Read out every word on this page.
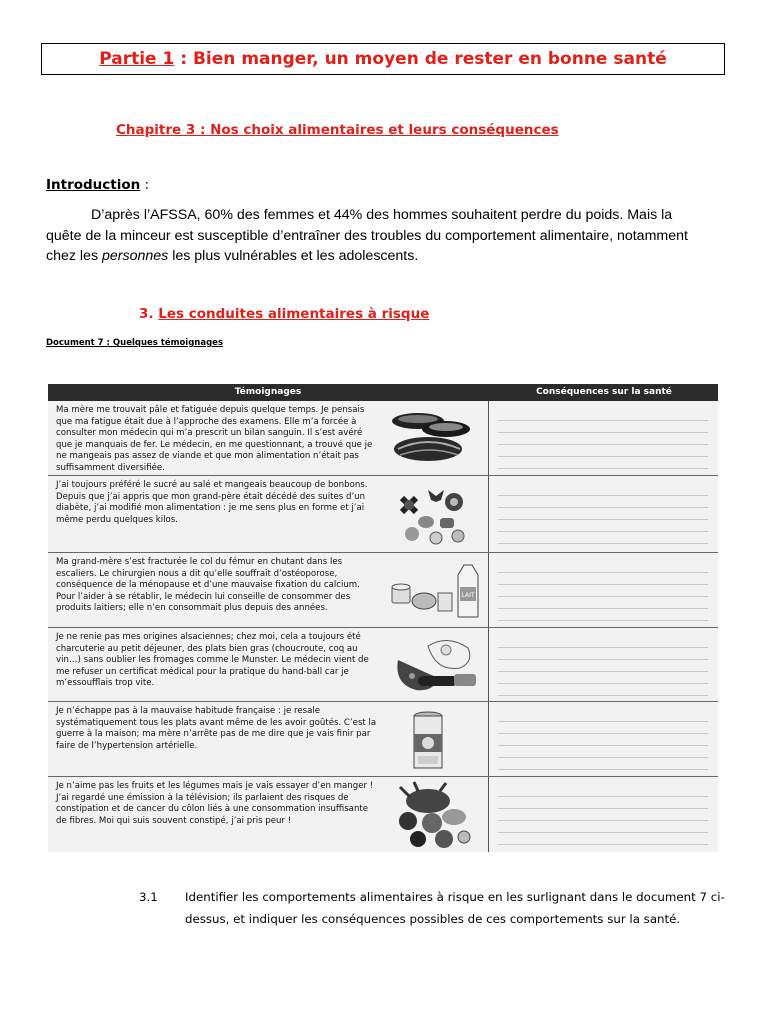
Partie 1 : Bien manger, un moyen de rester en bonne santé
Chapitre 3 : Nos choix alimentaires et leurs conséquences
Introduction :
D’après l’AFSSA, 60% des femmes et 44% des hommes souhaitent perdre du poids. Mais la quête de la minceur est susceptible d’entraîner des troubles du comportement alimentaire, notamment chez les personnes les plus vulnérables et les adolescents.
3. Les conduites alimentaires à risque
Document 7 : Quelques témoignages
Témoignages	Conséquences sur la santé
Ma mère me trouvait pâle et fatiguée depuis quelque temps. Je pensais que ma fatigue était due à l’approche des examens. Elle m’a forcée à consulter mon médecin qui m’a prescrit un bilan sanguin. Il s’est avéré que je manquais de fer. Le médecin, en me questionnant, a trouvé que je ne mangeais pas assez de viande et que mon alimentation n’était pas suffisamment diversifiée.
J’ai toujours préféré le sucré au salé et mangeais beaucoup de bonbons. Depuis que j’ai appris que mon grand-père était décédé des suites d’un diabète, j’ai modifié mon alimentation : je me sens plus en forme et j’ai même perdu quelques kilos.
Ma grand-mère s’est fracturée le col du fémur en chutant dans les escaliers. Le chirurgien nous a dit qu’elle souffrait d’ostéoporose, conséquence de la ménopause et d’une mauvaise fixation du calcium. Pour l’aider à se rétablir, le médecin lui conseille de consommer des produits laitiers; elle n’en consommait plus depuis des années.
LAIT
Je ne renie pas mes origines alsaciennes; chez moi, cela a toujours été charcuterie au petit déjeuner, des plats bien gras (choucroute, coq au vin…) sans oublier les fromages comme le Munster. Le médecin vient de me refuser un certificat médical pour la pratique du hand-ball car je m’essoufflais trop vite.
Je n’échappe pas à la mauvaise habitude française : je resale systématiquement tous les plats avant même de les avoir goûtés. C’est la guerre à la maison; ma mère n’arrête pas de me dire que je vais finir par faire de l’hypertension artérielle.
Je n’aime pas les fruits et les légumes mais je vais essayer d’en manger ! J’ai regardé une émission à la télévision; ils parlaient des risques de constipation et de cancer du côlon liés à une consommation insuffisante de fibres. Moi qui suis souvent constipé, j’ai pris peur !
3.1 Identifier les comportements alimentaires à risque en les surlignant dans le document 7 ci-dessus, et indiquer les conséquences possibles de ces comportements sur la santé.
